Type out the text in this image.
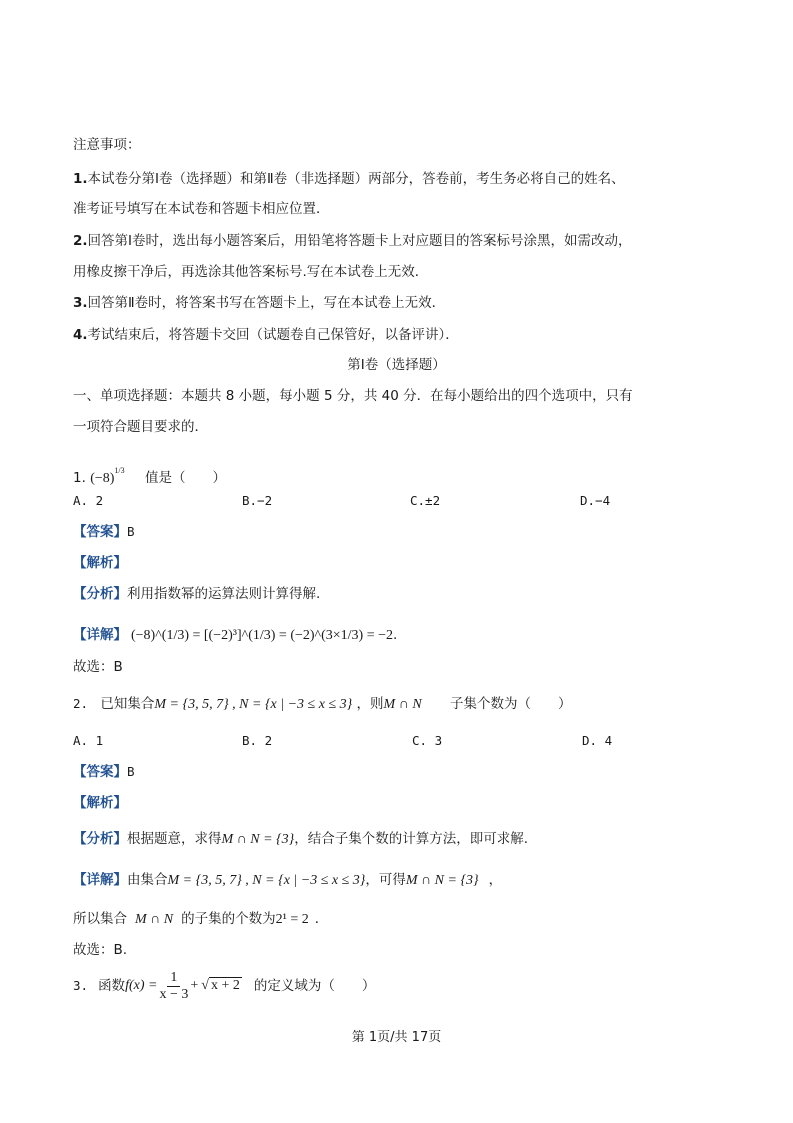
注意事项：
1.本试卷分第Ⅰ卷（选择题）和第Ⅱ卷（非选择题）两部分，答卷前，考生务必将自己的姓名、
准考证号填写在本试卷和答题卡相应位置．
2.回答第Ⅰ卷时，选出每小题答案后，用铅笔将答题卡上对应题目的答案标号涂黑，如需改动，
用橡皮擦干净后，再选涂其他答案标号.写在本试卷上无效．
3.回答第Ⅱ卷时，将答案书写在答题卡上，写在本试卷上无效．
4.考试结束后，将答题卡交回（试题卷自己保管好，以备评讲）．
第Ⅰ卷（选择题）
一、单项选择题：本题共 8 小题，每小题 5 分，共 40 分．在每小题给出的四个选项中，只有
一项符合题目要求的．
1. $(-8)^{1/3}$ 值是（　　）
A. 2	B.−2	C.±2	D.−4
【答案】B
【解析】
【分析】利用指数幂的运算法则计算得解.
【详解】 (−8)^(1/3) = [(−2)³]^(1/3) = (−2)^(3×1/3) = −2.
故选：B
2. 已知集合M = {3, 5, 7} , N = {x | −3 ≤ x ≤ 3} ，则M ∩ N 子集个数为（　　）
A. 1	B. 2	C. 3	D. 4
【答案】B
【解析】
【分析】根据题意，求得M ∩ N = {3}，结合子集个数的计算方法，即可求解.
【详解】由集合M = {3, 5, 7} , N = {x | −3 ≤ x ≤ 3}，可得M ∩ N = {3} ，
所以集合 M ∩ N 的子集的个数为2¹ = 2 ．
故选：B.
3. 函数 $f(x) = \frac{1}{x - 3}$ + √ x + 2 的定义域为（　　）
第 1页/共 17页
